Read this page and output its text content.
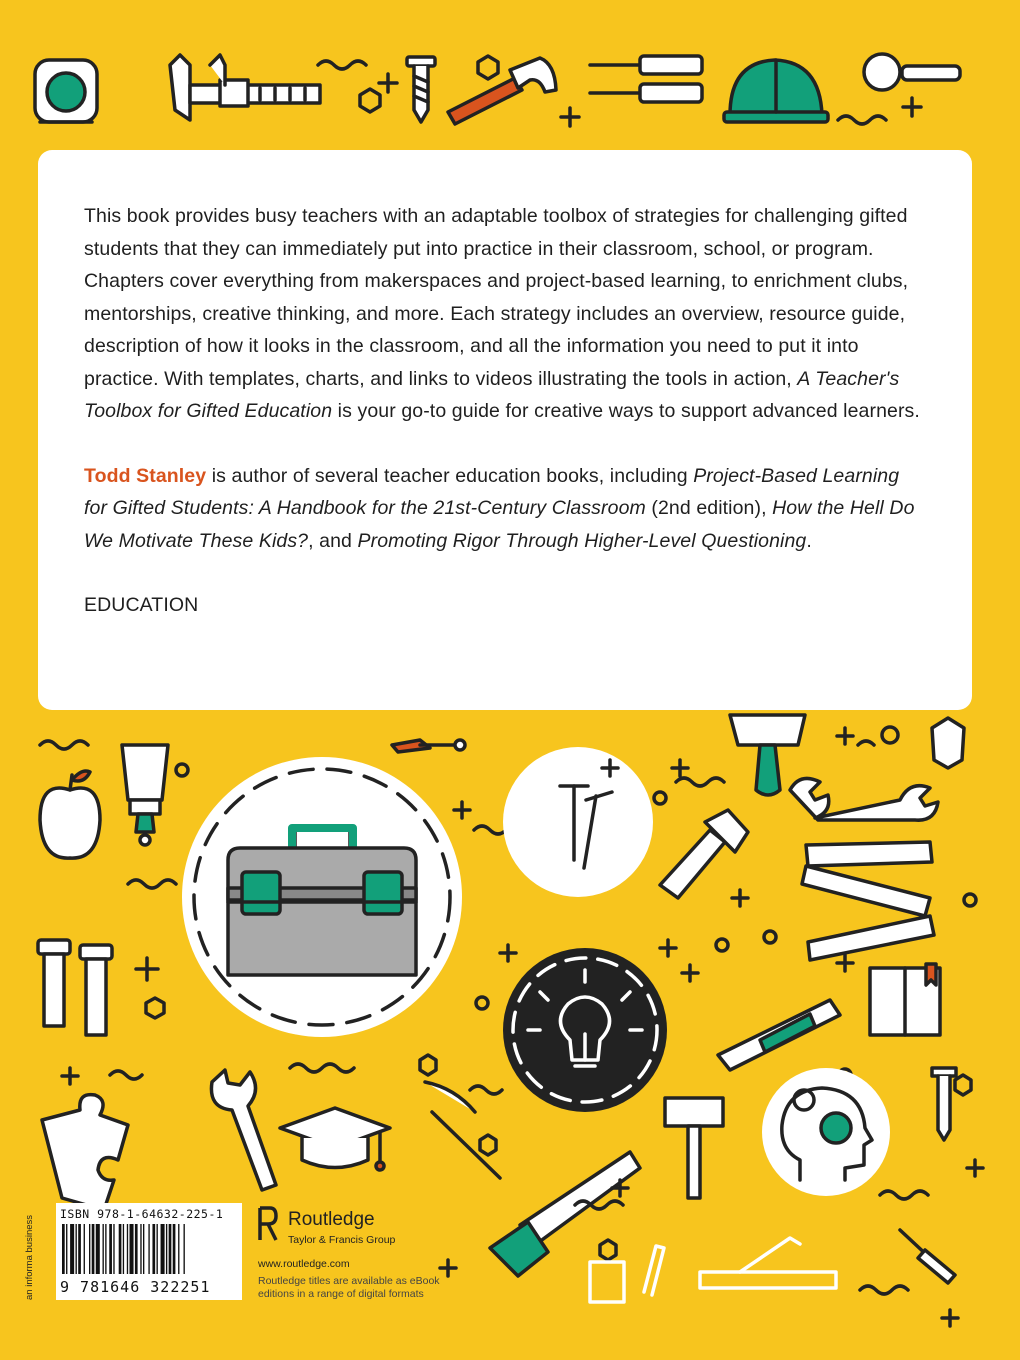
This book provides busy teachers with an adaptable toolbox of strategies for challenging gifted students that they can immediately put into practice in their classroom, school, or program. Chapters cover everything from makerspaces and project-based learning, to enrichment clubs, mentorships, creative thinking, and more. Each strategy includes an overview, resource guide, description of how it looks in the classroom, and all the information you need to put it into practice. With templates, charts, and links to videos illustrating the tools in action, A Teacher's Toolbox for Gifted Education is your go-to guide for creative ways to support advanced learners.

Todd Stanley is author of several teacher education books, including Project-Based Learning for Gifted Students: A Handbook for the 21st-Century Classroom (2nd edition), How the Hell Do We Motivate These Kids?, and Promoting Rigor Through Higher-Level Questioning.

EDUCATION

an informa business
ISBN 978-1-64632-225-1
9 781646 322251
Routledge
Taylor & Francis Group
www.routledge.com
Routledge titles are available as eBook editions in a range of digital formats
